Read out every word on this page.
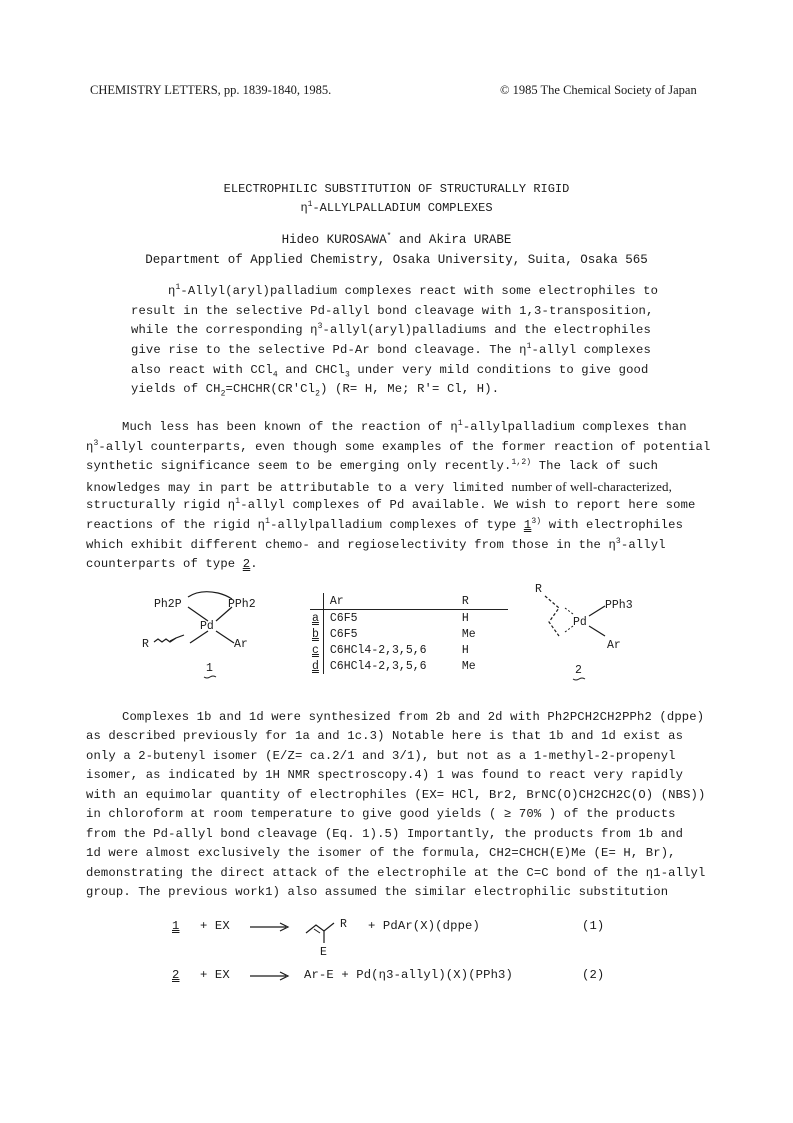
CHEMISTRY LETTERS, pp. 1839-1840, 1985.	© 1985 The Chemical Society of Japan
ELECTROPHILIC SUBSTITUTION OF STRUCTURALLY RIGID
$\eta^1$-ALLYLPALLADIUM COMPLEXES
Hideo KUROSAWA* and Akira URABE
Department of Applied Chemistry, Osaka University, Suita, Osaka 565
$\eta^1-Allyl(aryl)palladium$ complexes react with some electrophiles to
result in the selective Pd-allyl bond cleavage with 1,3-transposition,
while the corresponding $\eta^3-allyl(aryl)palladiums$ and the electrophiles
give rise to the selective Pd-Ar bond cleavage. The $\eta^1$-allyl complexes
also react with CCl$_4$ and CHCl$_3$ under very mild conditions to give good
yields of $CH_2=CHCHR(CR'Cl_2)$ (R= H, Me; R'= Cl, H).
Much less has been known of the reaction of $\eta^1$-allylpalladium complexes than
$\eta^3$-allyl counterparts, even though some examples of the former reaction of potential
synthetic significance seem to be emerging only recently.$^{1,2)}$ The lack of such
knowledges may in part be attributable to a very limited number of well-characterized,
structurally rigid $\eta^1$-allyl complexes of Pd available. We wish to report here some
reactions of the rigid $\eta^1$-allylpalladium complexes of type 1$^{3)}$ with electrophiles
which exhibit different chemo- and regioselectivity from those in the $\eta^3$-allyl
counterparts of type 2.
Ph2P	PPh2
Pd
R	Ar
1
	Ar	R
a	C6F5	H
b	C6F5	Me
c	C6HCl4-2,3,5,6	H
d	C6HCl4-2,3,5,6	Me
R
PPh3
Pd
Ar
2
Complexes 1b and 1d were synthesized from 2b and 2d with Ph2PCH2CH2PPh2 (dppe)
as described previously for 1a and 1c.3) Notable here is that 1b and 1d exist as
only a 2-butenyl isomer (E/Z= ca.2/1 and 3/1), but not as a 1-methyl-2-propenyl
isomer, as indicated by 1H NMR spectroscopy.4) 1 was found to react very rapidly
with an equimolar quantity of electrophiles (EX= HCl, Br2, BrNC(O)CH2CH2C(O) (NBS))
in chloroform at room temperature to give good yields ( ≥ 70% ) of the products
from the Pd-allyl bond cleavage (Eq. 1).5) Importantly, the products from 1b and
1d were almost exclusively the isomer of the formula, CH2=CHCH(E)Me (E= H, Br),
demonstrating the direct attack of the electrophile at the C=C bond of the η1-allyl
group. The previous work1) also assumed the similar electrophilic substitution
1 + EX	R
E
+ PdAr(X)(dppe)	(1)
2 + EX	Ar-E + Pd(η3-allyl)(X)(PPh3)	(2)
